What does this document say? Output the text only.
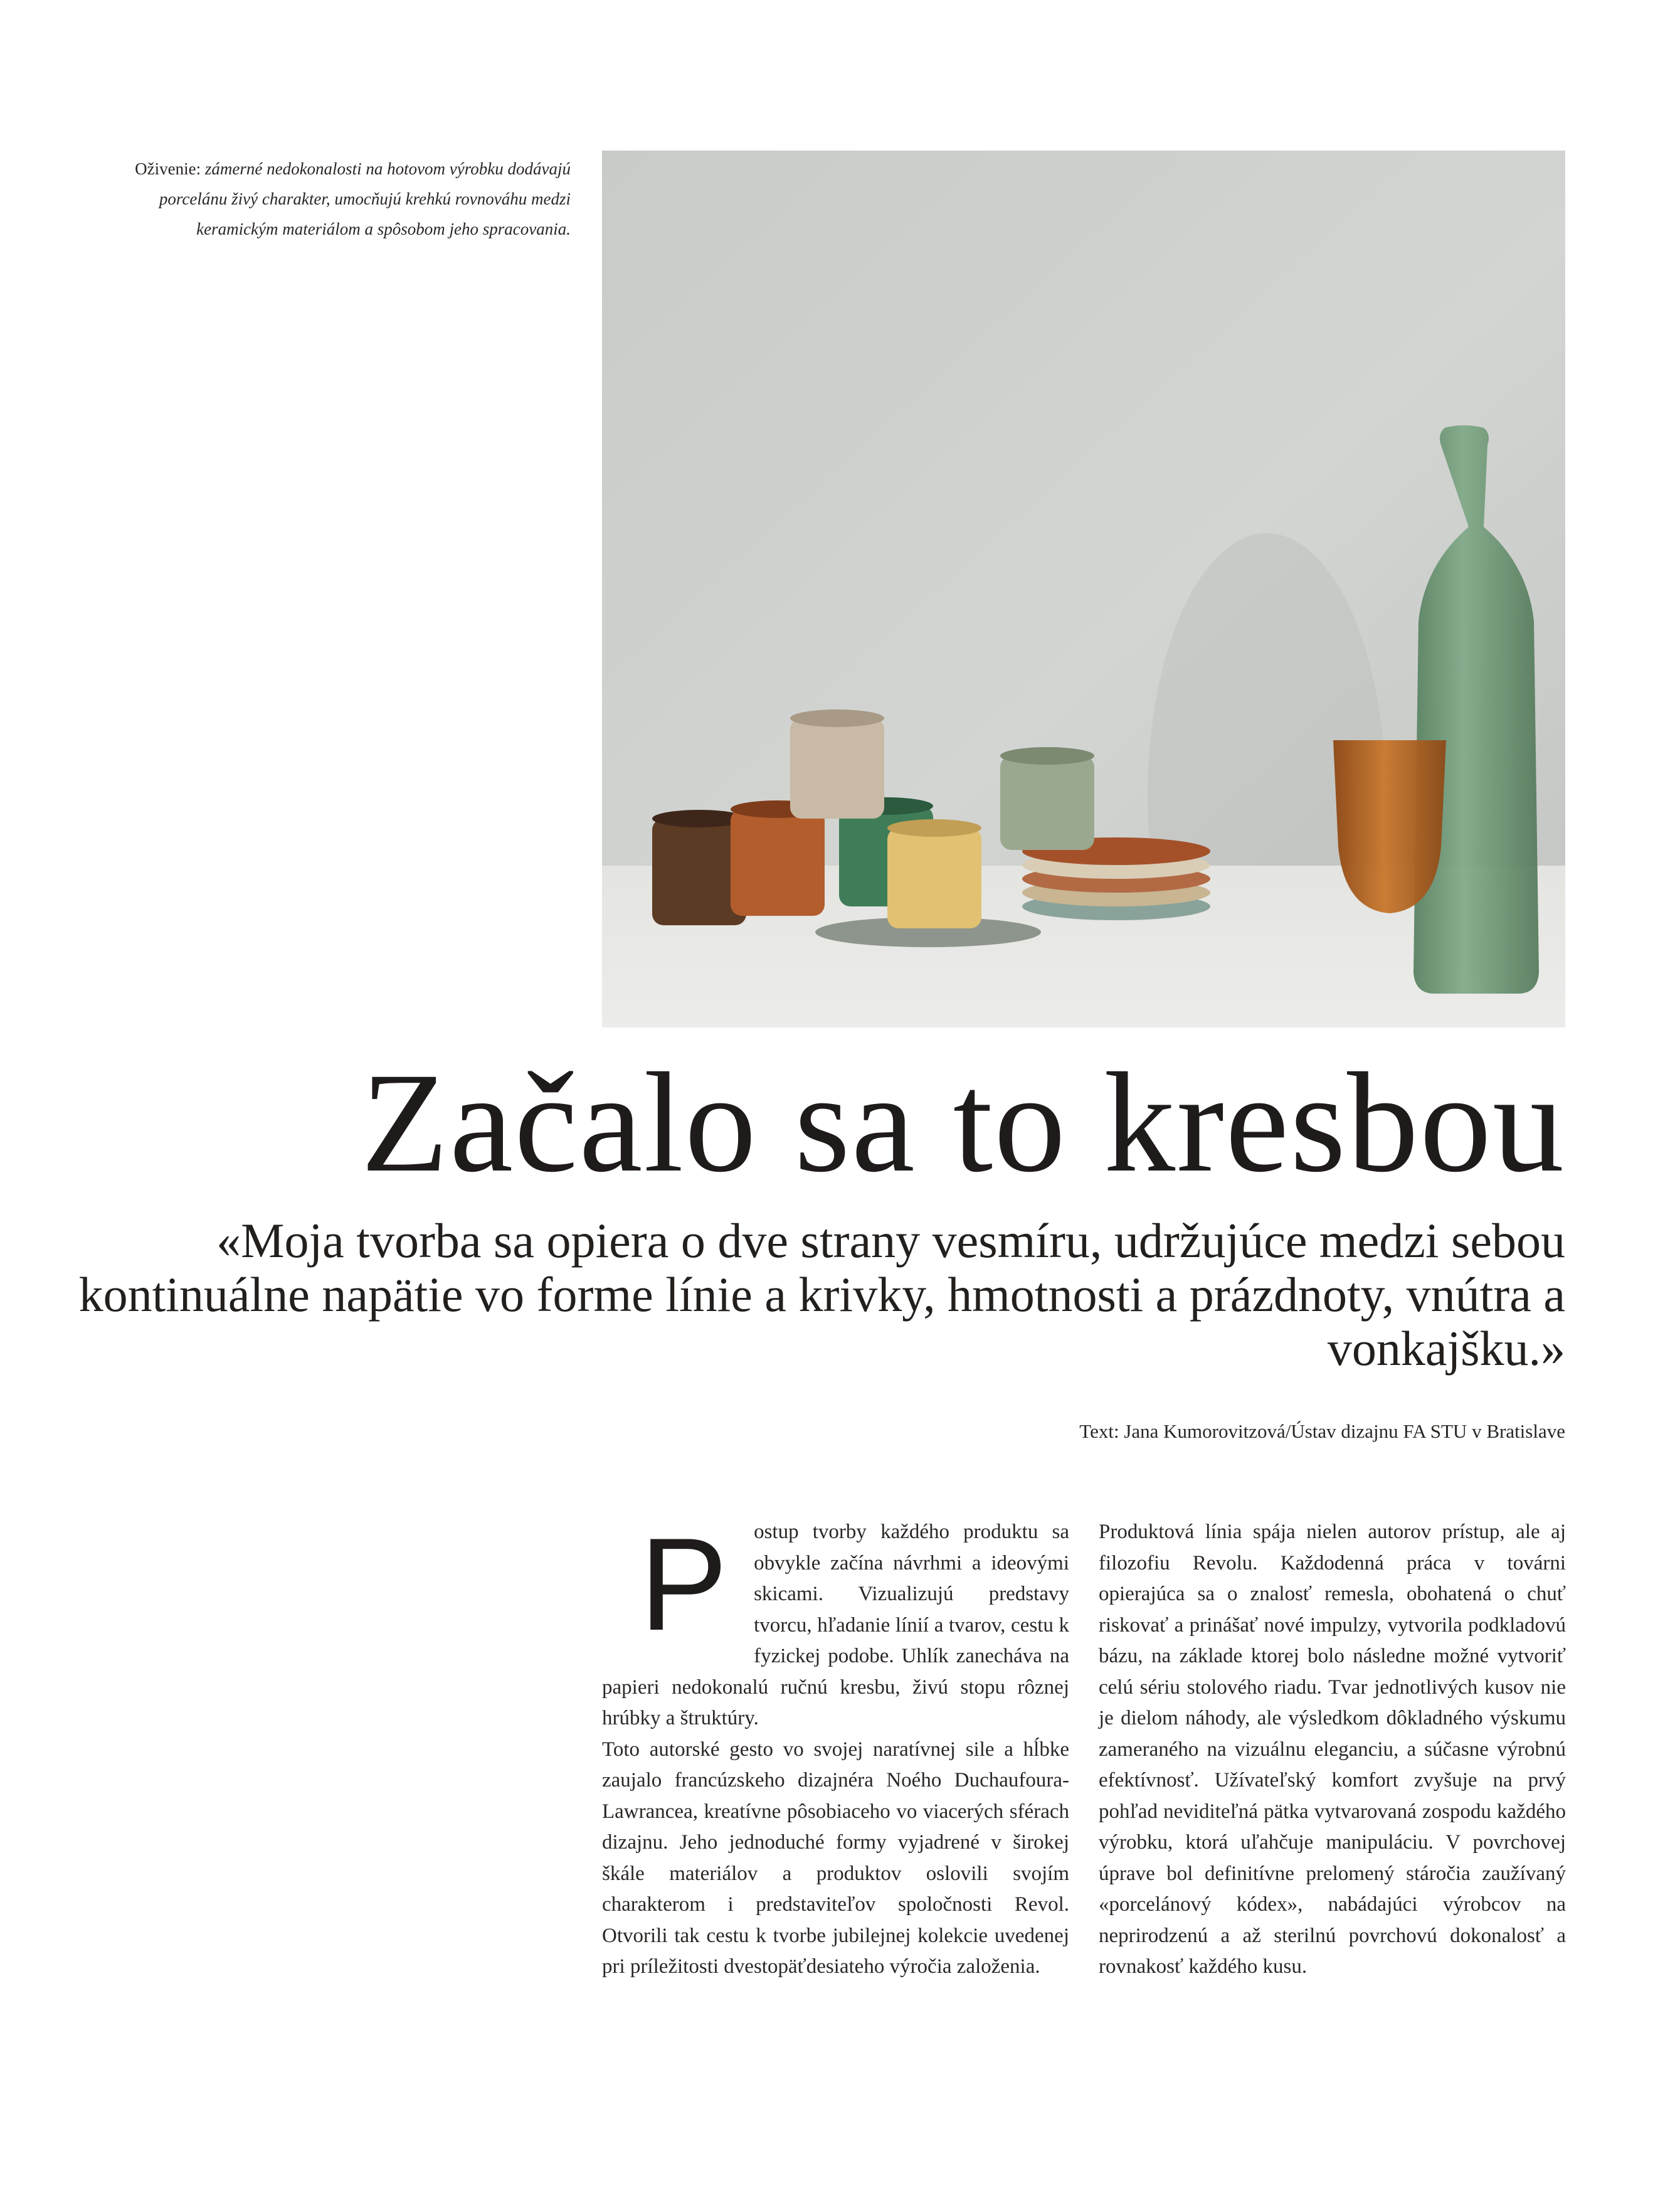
Oživenie: zámerné nedokonalosti na hotovom výrobku dodávajú porcelánu živý charakter, umocňujú krehkú rovnováhu medzi keramickým materiálom a spôsobom jeho spracovania.
Začalo sa to kresbou
«Moja tvorba sa opiera o dve strany vesmíru, udržujúce medzi sebou kontinuálne napätie vo forme línie a krivky, hmotnosti a prázdnoty, vnútra a vonkajšku.»
Text: Jana Kumorovitzová/Ústav dizajnu FA STU v Bratislave
P	ostup tvorby každého produktu sa obvykle začína návrhmi a ideovými skicami. Vizualizujú predstavy tvorcu, hľadanie línií a tvarov, cestu k fyzickej podobe. Uhlík zanecháva na papieri nedokonalú ručnú kresbu, živú stopu rôznej hrúbky a štruktúry.

Toto autorské gesto vo svojej naratívnej sile a hĺbke zaujalo francúzskeho dizajnéra Noého Duchaufoura-Lawrancea, kreatívne pôsobiaceho vo viacerých sférach dizajnu. Jeho jednoduché formy vyjadrené v širokej škále materiálov a produktov oslovili svojím charakterom i predstaviteľov spoločnosti Revol. Otvorili tak cestu k tvorbe jubilejnej kolekcie uvedenej pri príležitosti dvestopäťdesiateho výročia založenia.

Produktová línia spája nielen autorov prístup, ale aj filozofiu Revolu. Každodenná práca v továrni opierajúca sa o znalosť remesla, obohatená o chuť riskovať a prinášať nové impulzy, vytvorila podkladovú bázu, na základe ktorej bolo následne možné vytvoriť celú sériu stolového riadu. Tvar jednotlivých kusov nie je dielom náhody, ale výsledkom dôkladného výskumu zameraného na vizuálnu eleganciu, a súčasne výrobnú efektívnosť. Užívateľský komfort zvyšuje na prvý pohľad neviditeľná pätka vytvarovaná zospodu každého výrobku, ktorá uľahčuje manipuláciu. V povrchovej úprave bol definitívne prelomený stáročia zaužívaný «porcelánový kódex», nabádajúci výrobcov na neprirodzenú a až sterilnú povrchovú dokonalosť a rovnakosť každého kusu.
